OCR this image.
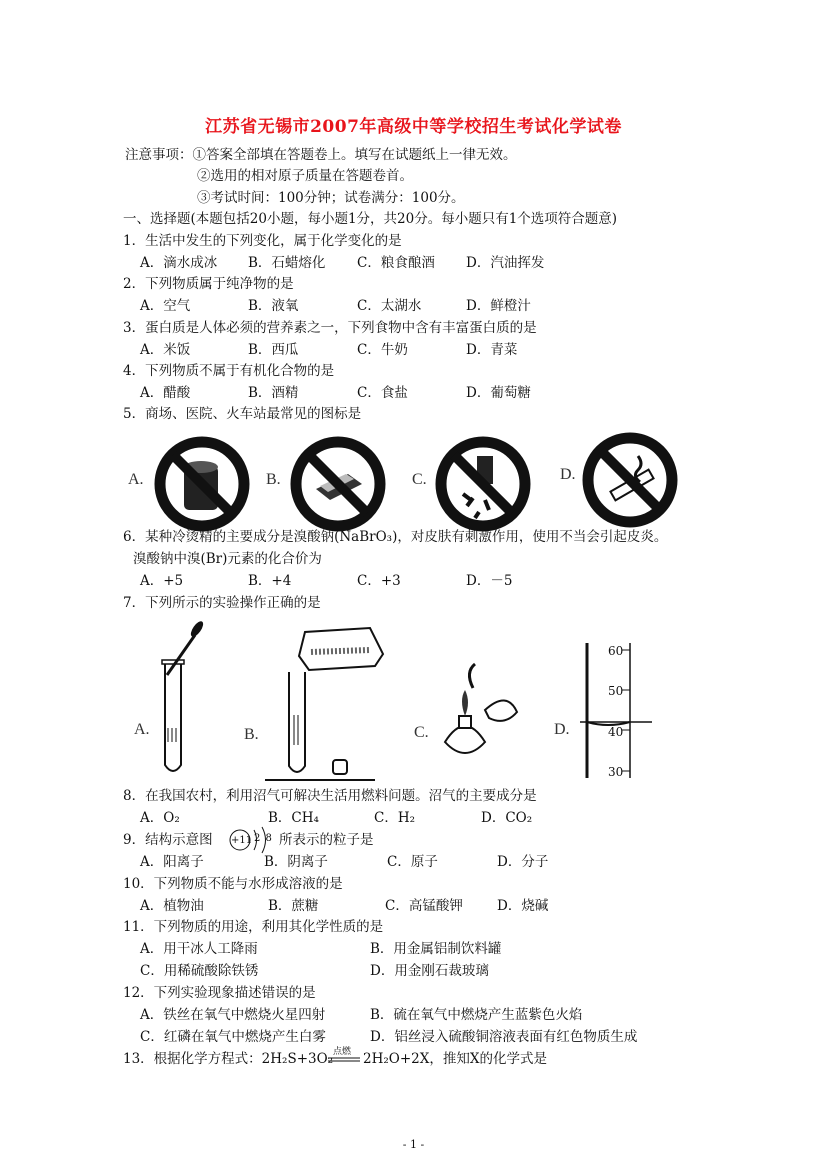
江苏省无锡市2007年高级中等学校招生考试化学试卷
注意事项：①答案全部填在答题卷上。填写在试题纸上一律无效。
②选用的相对原子质量在答题卷首。
③考试时间：100分钟；试卷满分：100分。
一、选择题(本题包括20小题，每小题1分，共20分。每小题只有1个选项符合题意)
1．生活中发生的下列变化，属于化学变化的是
A．滴水成冰 B．石蜡熔化 C．粮食酿酒 D．汽油挥发
2．下列物质属于纯净物的是
A．空气	B．液氧	C．太湖水	D．鲜橙汁
3．蛋白质是人体必须的营养素之一，下列食物中含有丰富蛋白质的是
A．米饭	B．西瓜	C．牛奶	D．青菜
4．下列物质不属于有机化合物的是
A．醋酸	B．酒精	C．食盐	D．葡萄糖
5．商场、医院、火车站最常见的图标是
A.	B.	C.	D.
6．某种冷烫精的主要成分是溴酸钠(NaBrO₃)，对皮肤有刺激作用，使用不当会引起皮炎。
溴酸钠中溴(Br)元素的化合价为
A．+5	B．+4	C．+3	D．－5
7．下列所示的实验操作正确的是
A.	B.	C.	D.
60
50
40
30
8．在我国农村，利用沼气可解决生活用燃料问题。沼气的主要成分是
A．O₂	B．CH₄	C．H₂	D．CO₂
9．结构示意图 +11 2 8 所表示的粒子是
A．阳离子	B．阴离子	C．原子	D．分子
10．下列物质不能与水形成溶液的是
A．植物油	B．蔗糖	C．高锰酸钾	D．烧碱
11．下列物质的用途，利用其化学性质的是
A．用干冰人工降雨	B．用金属铝制饮料罐
C．用稀硫酸除铁锈	D．用金刚石裁玻璃
12．下列实验现象描述错误的是
A．铁丝在氧气中燃烧火星四射	B．硫在氧气中燃烧产生蓝紫色火焰
C．红磷在氧气中燃烧产生白雾	D．铝丝浸入硫酸铜溶液表面有红色物质生成
13．根据化学方程式：2H₂S+3O₂ 点燃 2H₂O+2X，推知X的化学式是
- 1 -
